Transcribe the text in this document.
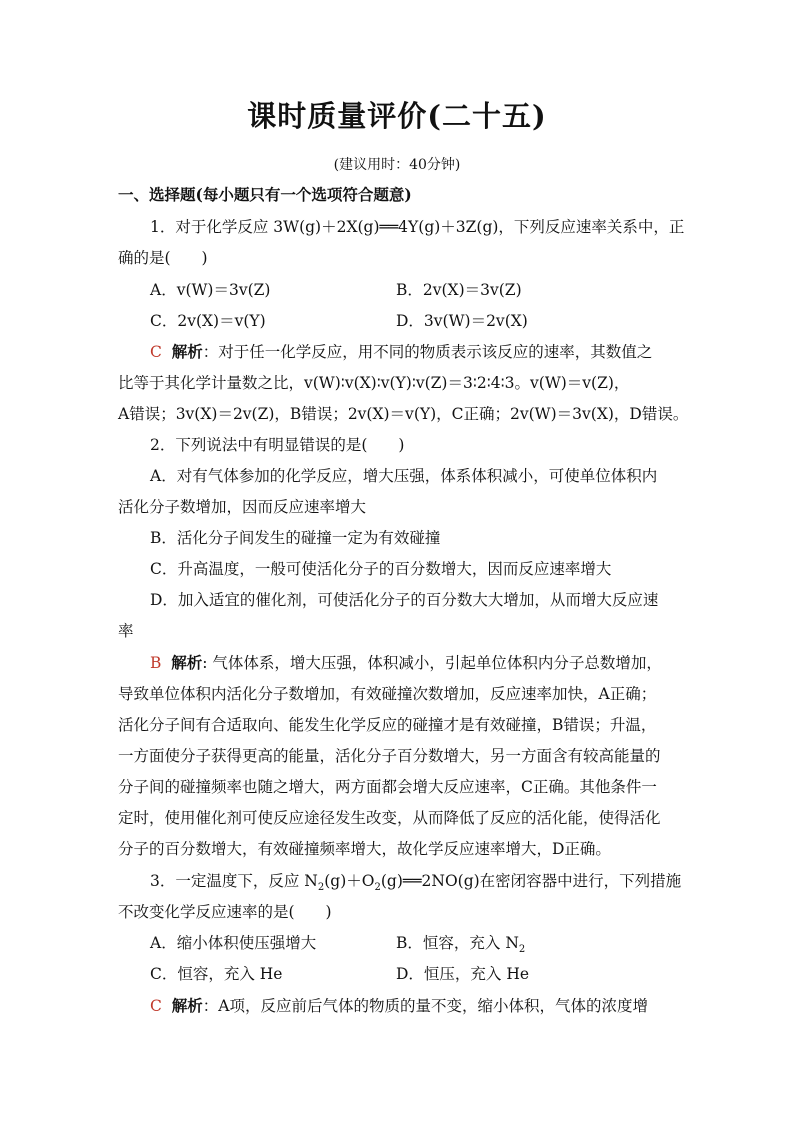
课时质量评价(二十五)
(建议用时：40分钟)
一、选择题(每小题只有一个选项符合题意)
1．对于化学反应 3W(g)＋2X(g)══4Y(g)＋3Z(g)，下列反应速率关系中，正
确的是(　　)
A．v(W)＝3v(Z)	B．2v(X)＝3v(Z)
C．2v(X)＝v(Y)	D．3v(W)＝2v(X)
C 解析：对于任一化学反应，用不同的物质表示该反应的速率，其数值之
比等于其化学计量数之比，v(W)∶v(X)∶v(Y)∶v(Z)＝3∶2∶4∶3。v(W)＝v(Z)，
A错误；3v(X)＝2v(Z)，B错误；2v(X)＝v(Y)，C正确；2v(W)＝3v(X)，D错误。
2．下列说法中有明显错误的是(　　)
A．对有气体参加的化学反应，增大压强，体系体积减小，可使单位体积内
活化分子数增加，因而反应速率增大
B．活化分子间发生的碰撞一定为有效碰撞
C．升高温度，一般可使活化分子的百分数增大，因而反应速率增大
D．加入适宜的催化剂，可使活化分子的百分数大大增加，从而增大反应速
率
B 解析: 气体体系，增大压强，体积减小，引起单位体积内分子总数增加，
导致单位体积内活化分子数增加，有效碰撞次数增加，反应速率加快，A正确；
活化分子间有合适取向、能发生化学反应的碰撞才是有效碰撞，B错误；升温，
一方面使分子获得更高的能量，活化分子百分数增大，另一方面含有较高能量的
分子间的碰撞频率也随之增大，两方面都会增大反应速率，C正确。其他条件一
定时，使用催化剂可使反应途径发生改变，从而降低了反应的活化能，使得活化
分子的百分数增大，有效碰撞频率增大，故化学反应速率增大，D正确。
3．一定温度下，反应 $N_2(g)+O_2(g)══2NO(g)$在密闭容器中进行，下列措施
不改变化学反应速率的是(　　)
A．缩小体积使压强增大	B．恒容，充入 $N_2$
C．恒容，充入 He	D．恒压，充入 He
C 解析：A项，反应前后气体的物质的量不变，缩小体积，气体的浓度增
